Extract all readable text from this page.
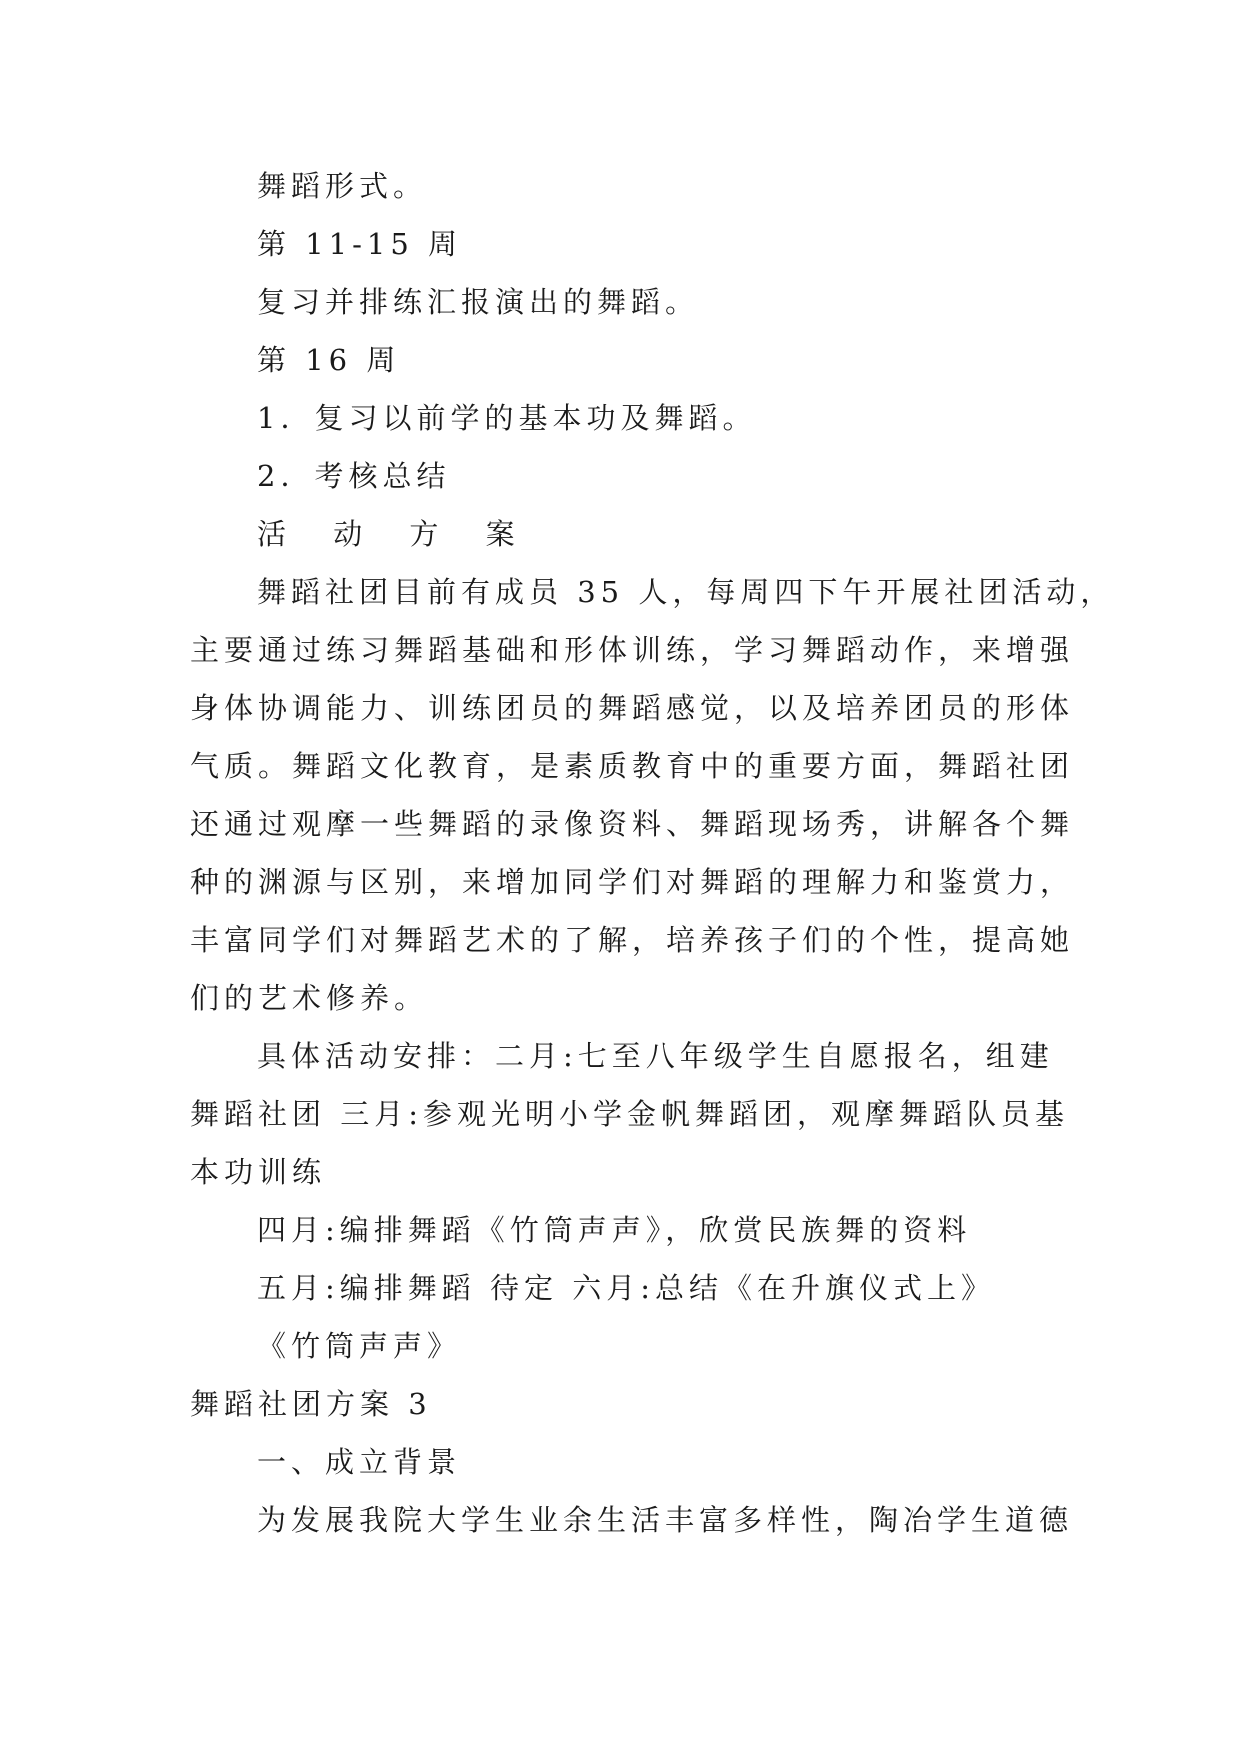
舞蹈形式。
第 11-15 周
复习并排练汇报演出的舞蹈。
第 16 周
1．复习以前学的基本功及舞蹈。
2．考核总结
活 动 方 案
舞蹈社团目前有成员 35 人，每周四下午开展社团活动，
主要通过练习舞蹈基础和形体训练，学习舞蹈动作，来增强
身体协调能力、训练团员的舞蹈感觉，以及培养团员的形体
气质。舞蹈文化教育，是素质教育中的重要方面，舞蹈社团
还通过观摩一些舞蹈的录像资料、舞蹈现场秀，讲解各个舞
种的渊源与区别，来增加同学们对舞蹈的理解力和鉴赏力，
丰富同学们对舞蹈艺术的了解，培养孩子们的个性，提高她
们的艺术修养。
具体活动安排：二月:七至八年级学生自愿报名，组建
舞蹈社团 三月:参观光明小学金帆舞蹈团，观摩舞蹈队员基
本功训练
四月:编排舞蹈《竹筒声声》，欣赏民族舞的资料
五月:编排舞蹈 待定 六月:总结《在升旗仪式上》
《竹筒声声》
舞蹈社团方案 3
一、成立背景
为发展我院大学生业余生活丰富多样性，陶冶学生道德
